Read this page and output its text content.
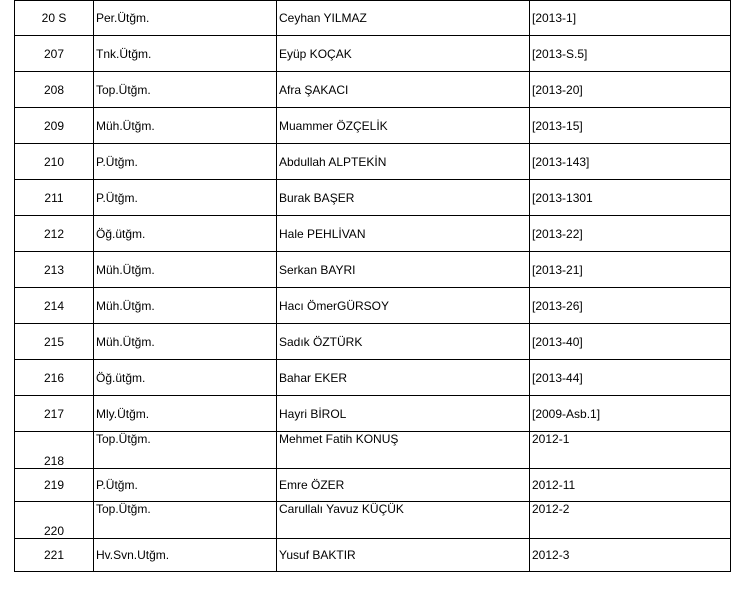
20 S	Per.Ütğm.	Ceyhan YILMAZ	[2013-1]
207	Tnk.Ütğm.	Eyüp KOÇAK	[2013-S.5]
208	Top.Ütğm.	Afra ŞAKACI	[2013-20]
209	Müh.Ütğm.	Muammer ÖZÇELİK	[2013-15]
210	P.Ütğm.	Abdullah ALPTEKİN	[2013-143]
211	P.Ütğm.	Burak BAŞER	[2013-1301
212	Öğ.ütğm.	Hale PEHLİVAN	[2013-22]
213	Müh.Ütğm.	Serkan BAYRI	[2013-21]
214	Müh.Ütğm.	Hacı ÖmerGÜRSOY	[2013-26]
215	Müh.Ütğm.	Sadık ÖZTÜRK	[2013-40]
216	Öğ.ütğm.	Bahar EKER	[2013-44]
217	Mly.Ütğm.	Hayri BİROL	[2009-Asb.1]
218	Top.Ütğm.	Mehmet Fatih KONUŞ	2012-1
219	P.Ütğm.	Emre ÖZER	2012-11
220	Top.Ütğm.	Carullalı Yavuz KÜÇÜK	2012-2
221	Hv.Svn.Utğm.	Yusuf BAKTIR	2012-3
